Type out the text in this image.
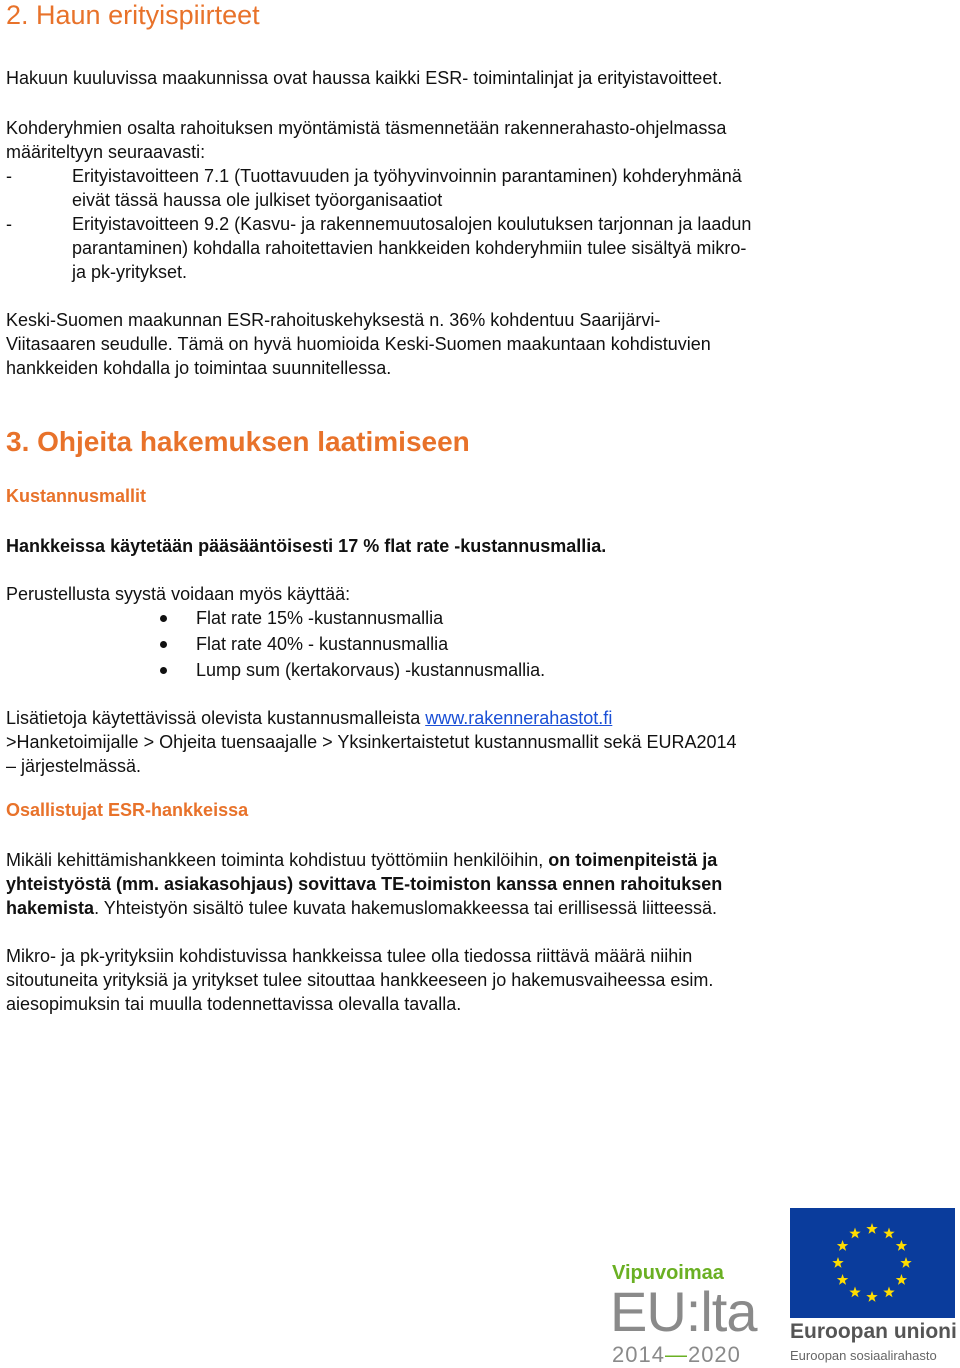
2. Haun erityispiirteet
Hakuun kuuluvissa maakunnissa ovat haussa kaikki ESR- toimintalinjat ja erityistavoitteet.
Kohderyhmien osalta rahoituksen myöntämistä täsmennetään rakennerahasto-ohjelmassa
määriteltyyn seuraavasti:
-	Erityistavoitteen 7.1 (Tuottavuuden ja työhyvinvoinnin parantaminen) kohderyhmänä
eivät tässä haussa ole julkiset työorganisaatiot
-	Erityistavoitteen 9.2 (Kasvu- ja rakennemuutosalojen koulutuksen tarjonnan ja laadun
parantaminen) kohdalla rahoitettavien hankkeiden kohderyhmiin tulee sisältyä mikro-
ja pk-yritykset.
Keski-Suomen maakunnan ESR-rahoituskehyksestä n. 36% kohdentuu Saarijärvi-
Viitasaaren seudulle. Tämä on hyvä huomioida Keski-Suomen maakuntaan kohdistuvien
hankkeiden kohdalla jo toimintaa suunnitellessa.
3. Ohjeita hakemuksen laatimiseen
Kustannusmallit
Hankkeissa käytetään pääsääntöisesti 17 % flat rate -kustannusmallia.
Perustellusta syystä voidaan myös käyttää:
Flat rate 15% -kustannusmallia
Flat rate 40% - kustannusmallia
Lump sum (kertakorvaus) -kustannusmallia.
Lisätietoja käytettävissä olevista kustannusmalleista www.rakennerahastot.fi
>Hanketoimijalle > Ohjeita tuensaajalle > Yksinkertaistetut kustannusmallit sekä EURA2014
– järjestelmässä.
Osallistujat ESR-hankkeissa
Mikäli kehittämishankkeen toiminta kohdistuu työttömiin henkilöihin, on toimenpiteistä ja
yhteistyöstä (mm. asiakasohjaus) sovittava TE-toimiston kanssa ennen rahoituksen
hakemista. Yhteistyön sisältö tulee kuvata hakemuslomakkeessa tai erillisessä liitteessä.
Mikro- ja pk-yrityksiin kohdistuvissa hankkeissa tulee olla tiedossa riittävä määrä niihin
sitoutuneita yrityksiä ja yritykset tulee sitouttaa hankkeeseen jo hakemusvaiheessa esim.
aiesopimuksin tai muulla todennettavissa olevalla tavalla.
Vipuvoimaa
EU:lta
2014—2020
Euroopan unioni
Euroopan sosiaalirahasto
